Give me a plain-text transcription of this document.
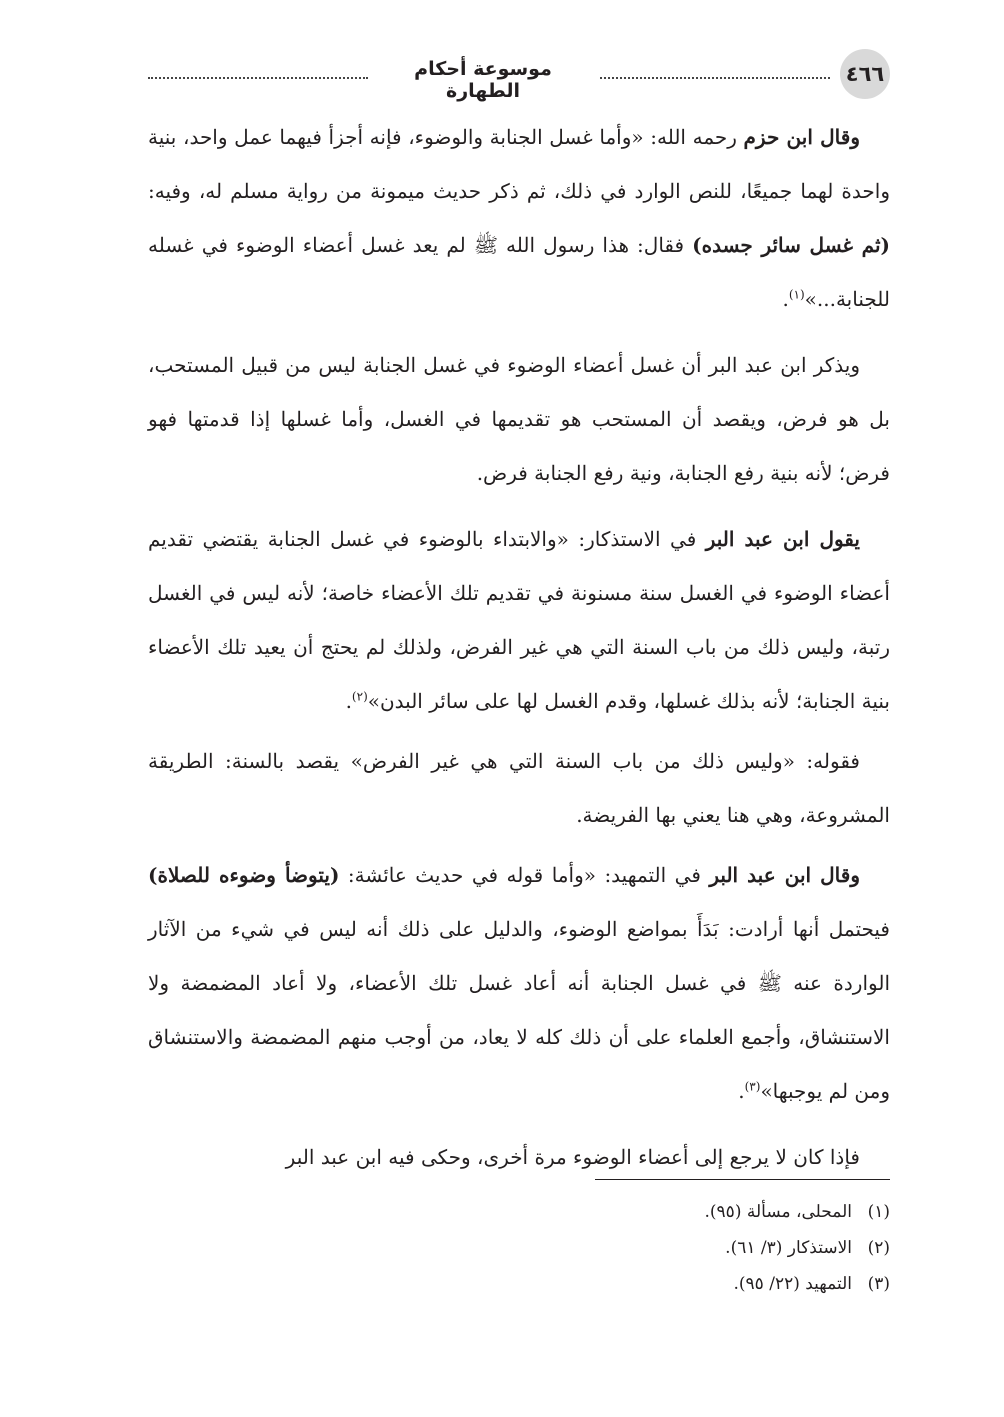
٤٦٦
موسوعة أحكام الطهارة

وقال ابن حزم رحمه الله: «وأما غسل الجنابة والوضوء، فإنه أجزأ فيهما عمل واحد، بنية واحدة لهما جميعًا، للنص الوارد في ذلك، ثم ذكر حديث ميمونة من رواية مسلم له، وفيه: (ثم غسل سائر جسده) فقال: هذا رسول الله ﷺ لم يعد غسل أعضاء الوضوء في غسله للجنابة...»$^{(١)}$.

ويذكر ابن عبد البر أن غسل أعضاء الوضوء في غسل الجنابة ليس من قبيل المستحب، بل هو فرض، ويقصد أن المستحب هو تقديمها في الغسل، وأما غسلها إذا قدمتها فهو فرض؛ لأنه بنية رفع الجنابة، ونية رفع الجنابة فرض.

يقول ابن عبد البر في الاستذكار: «والابتداء بالوضوء في غسل الجنابة يقتضي تقديم أعضاء الوضوء في الغسل سنة مسنونة في تقديم تلك الأعضاء خاصة؛ لأنه ليس في الغسل رتبة، وليس ذلك من باب السنة التي هي غير الفرض، ولذلك لم يحتج أن يعيد تلك الأعضاء بنية الجنابة؛ لأنه بذلك غسلها، وقدم الغسل لها على سائر البدن»$^{(٢)}$.

فقوله: «وليس ذلك من باب السنة التي هي غير الفرض» يقصد بالسنة: الطريقة المشروعة، وهي هنا يعني بها الفريضة.

وقال ابن عبد البر في التمهيد: «وأما قوله في حديث عائشة: (يتوضأ وضوءه للصلاة) فيحتمل أنها أرادت: بَدَأَ بمواضع الوضوء، والدليل على ذلك أنه ليس في شيء من الآثار الواردة عنه ﷺ في غسل الجنابة أنه أعاد غسل تلك الأعضاء، ولا أعاد المضمضة ولا الاستنشاق، وأجمع العلماء على أن ذلك كله لا يعاد، من أوجب منهم المضمضة والاستنشاق ومن لم يوجبها»$^{(٣)}$.

فإذا كان لا يرجع إلى أعضاء الوضوء مرة أخرى، وحكى فيه ابن عبد البر

(١)المحلى، مسألة (٩٥).
(٢)الاستذكار (٣/ ٦١).
(٣)التمهيد (٢٢/ ٩٥).
